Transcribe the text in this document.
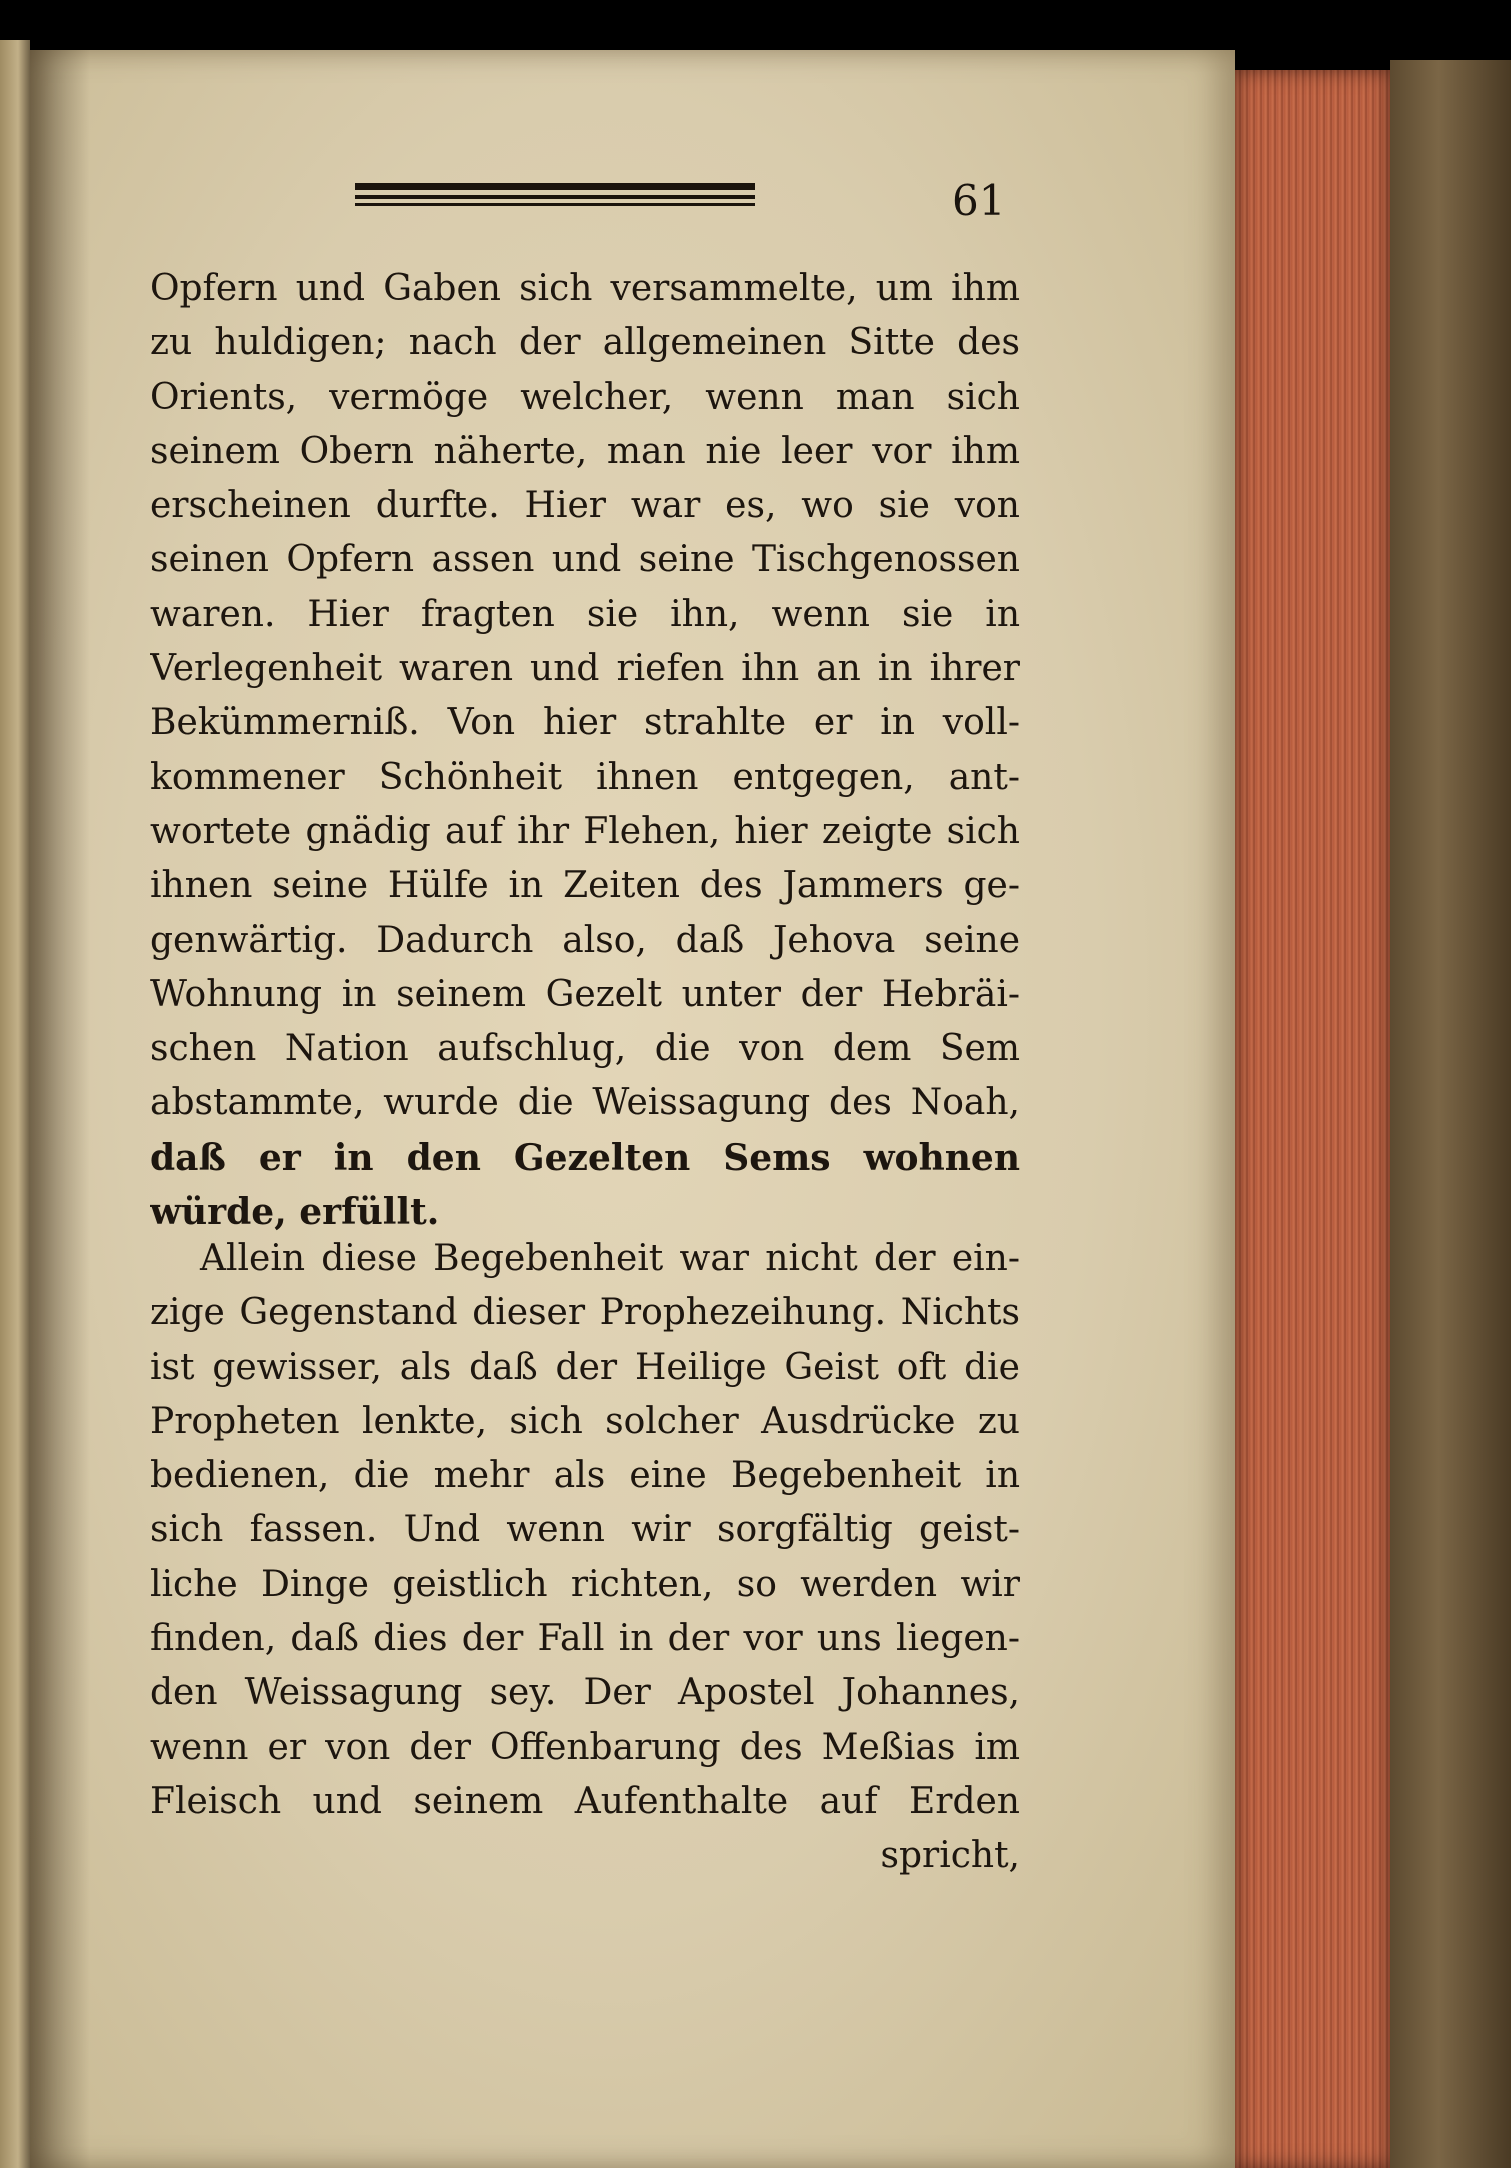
61
Opfern und Gaben sich versammelte, um ihm
zu huldigen; nach der allgemeinen Sitte des
Orients, vermöge welcher, wenn man sich
seinem Obern näherte, man nie leer vor ihm
erscheinen durfte. Hier war es, wo sie von
seinen Opfern assen und seine Tischgenossen
waren. Hier fragten sie ihn, wenn sie in
Verlegenheit waren und riefen ihn an in ihrer
Bekümmerniß. Von hier strahlte er in voll-
kommener Schönheit ihnen entgegen, ant-
wortete gnädig auf ihr Flehen, hier zeigte sich
ihnen seine Hülfe in Zeiten des Jammers ge-
genwärtig. Dadurch also, daß Jehova seine
Wohnung in seinem Gezelt unter der Hebräi-
schen Nation aufschlug, die von dem Sem
abstammte, wurde die Weissagung des Noah,
daß er in den Gezelten Sems wohnen
würde, erfüllt.
Allein diese Begebenheit war nicht der ein-
zige Gegenstand dieser Prophezeihung. Nichts
ist gewisser, als daß der Heilige Geist oft die
Propheten lenkte, sich solcher Ausdrücke zu
bedienen, die mehr als eine Begebenheit in
sich fassen. Und wenn wir sorgfältig geist-
liche Dinge geistlich richten, so werden wir
finden, daß dies der Fall in der vor uns liegen-
den Weissagung sey. Der Apostel Johannes,
wenn er von der Offenbarung des Meßias im
Fleisch und seinem Aufenthalte auf Erden
spricht,
